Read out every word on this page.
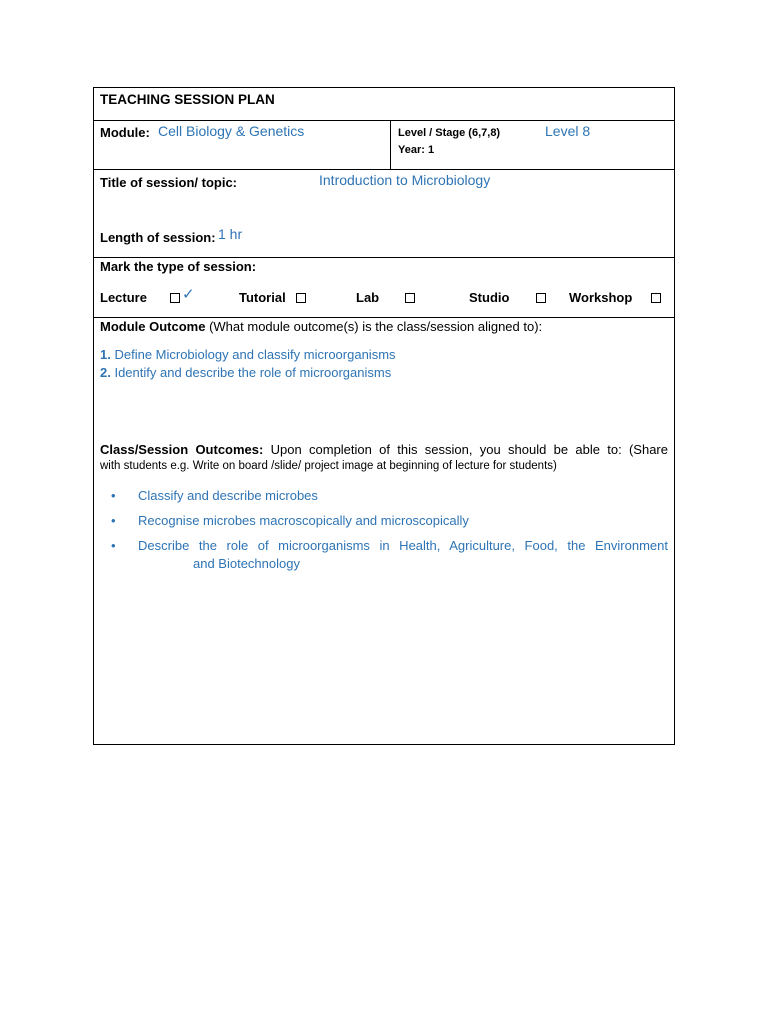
TEACHING SESSION PLAN
Module: Cell Biology & Genetics	Level / Stage (6,7,8)	Level 8
Year: 1
Title of session/ topic:	Introduction to Microbiology
Length of session: 1 hr
Mark the type of session:
Lecture ✓	Tutorial	Lab	Studio	Workshop
Module Outcome (What module outcome(s) is the class/session aligned to):
1. Define Microbiology and classify microorganisms
2. Identify and describe the role of microorganisms
Class/Session Outcomes: Upon completion of this session, you should be able to: (Share
with students e.g. Write on board /slide/ project image at beginning of lecture for students)
• Classify and describe microbes
• Recognise microbes macroscopically and microscopically
• Describe the role of microorganisms in Health, Agriculture, Food, the Environment
and Biotechnology
